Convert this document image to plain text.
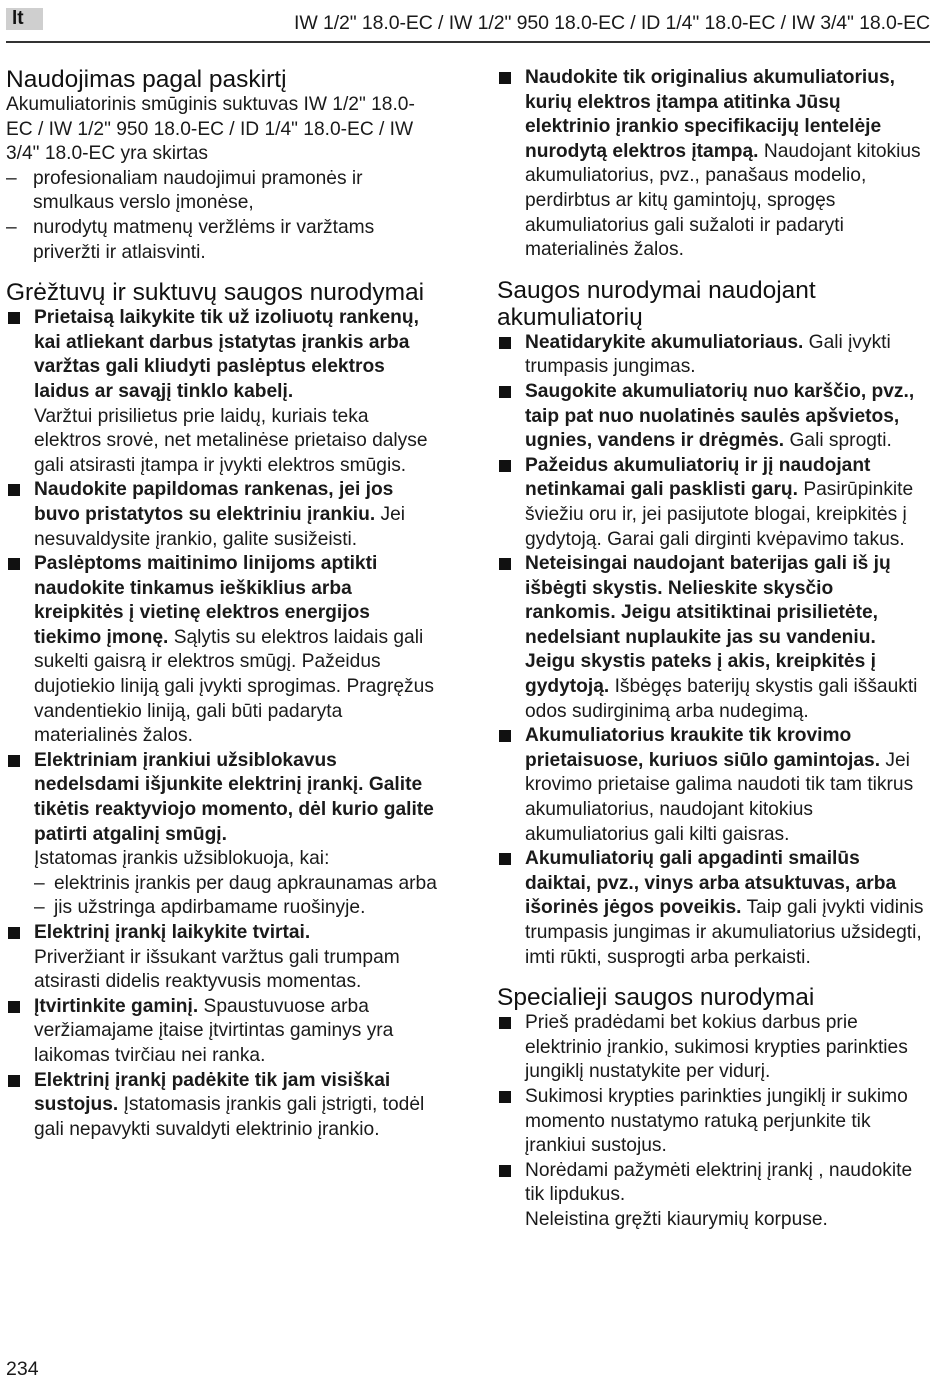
lt	IW 1/2" 18.0-EC / IW 1/2" 950 18.0-EC / ID 1/4" 18.0-EC / IW 3/4" 18.0-EC
Naudojimas pagal paskirtį

Akumuliatorinis smūginis suktuvas IW 1/2" 18.0-EC / IW 1/2" 950 18.0-EC / ID 1/4" 18.0-EC / IW 3/4" 18.0-EC yra skirtas

– profesionaliam naudojimui pramonės ir smulkaus verslo įmonėse,
– nurodytų matmenų veržlėms ir varžtams priveržti ir atlaisvinti.
Grėžtuvų ir suktuvų saugos nurodymai
Prietaisą laikykite tik už izoliuotų rankenų, kai atliekant darbus įstatytas įrankis arba varžtas gali kliudyti paslėptus elektros laidus ar savąjį tinklo kabelį.
Varžtui prisilietus prie laidų, kuriais teka elektros srovė, net metalinėse prietaiso dalyse gali atsirasti įtampa ir įvykti elektros smūgis.
Naudokite papildomas rankenas, jei jos buvo pristatytos su elektriniu įrankiu. Jei nesuvaldysite įrankio, galite susižeisti.
Paslėptoms maitinimo linijoms aptikti naudokite tinkamus ieškiklius arba kreipkitės į vietinę elektros energijos tiekimo įmonę. Sąlytis su elektros laidais gali sukelti gaisrą ir elektros smūgį. Pažeidus dujotiekio liniją gali įvykti sprogimas. Pragręžus vandentiekio liniją, gali būti padaryta materialinės žalos.
Elektriniam įrankiui užsiblokavus nedelsdami išjunkite elektrinį įrankį. Galite tikėtis reaktyviojo momento, dėl kurio galite patirti atgalinį smūgį.
Įstatomas įrankis užsiblokuoja, kai:
– elektrinis įrankis per daug apkraunamas arba
– jis užstringa apdirbamame ruošinyje.
Elektrinį įrankį laikykite tvirtai.
Priveržiant ir išsukant varžtus gali trumpam atsirasti didelis reaktyvusis momentas.
Įtvirtinkite gaminį. Spaustuvuose arba veržiamajame įtaise įtvirtintas gaminys yra laikomas tvirčiau nei ranka.
Elektrinį įrankį padėkite tik jam visiškai sustojus. Įstatomasis įrankis gali įstrigti, todėl gali nepavykti suvaldyti elektrinio įrankio.
Naudokite tik originalius akumuliatorius, kurių elektros įtampa atitinka Jūsų elektrinio įrankio specifikacijų lentelėje nurodytą elektros įtampą. Naudojant kitokius akumuliatorius, pvz., panašaus modelio, perdirbtus ar kitų gamintojų, sprogęs akumuliatorius gali sužaloti ir padaryti materialinės žalos.
Saugos nurodymai naudojant akumuliatorių
Neatidarykite akumuliatoriaus. Gali įvykti trumpasis jungimas.
Saugokite akumuliatorių nuo karščio, pvz., taip pat nuo nuolatinės saulės apšvietos, ugnies, vandens ir drėgmės. Gali sprogti.
Pažeidus akumuliatorių ir jį naudojant netinkamai gali pasklisti garų. Pasirūpinkite šviežiu oru ir, jei pasijutote blogai, kreipkitės į gydytoją. Garai gali dirginti kvėpavimo takus.
Neteisingai naudojant baterijas gali iš jų išbėgti skystis. Nelieskite skysčio rankomis. Jeigu atsitiktinai prisilietėte, nedelsiant nuplaukite jas su vandeniu. Jeigu skystis pateks į akis, kreipkitės į gydytoją. Išbėgęs baterijų skystis gali iššaukti odos sudirginimą arba nudegimą.
Akumuliatorius kraukite tik krovimo prietaisuose, kuriuos siūlo gamintojas. Jei krovimo prietaise galima naudoti tik tam tikrus akumuliatorius, naudojant kitokius akumuliatorius gali kilti gaisras.
Akumuliatorių gali apgadinti smailūs daiktai, pvz., vinys arba atsuktuvas, arba išorinės jėgos poveikis. Taip gali įvykti vidinis trumpasis jungimas ir akumuliatorius užsidegti, imti rūkti, susprogti arba perkaisti.
Specialieji saugos nurodymai
Prieš pradėdami bet kokius darbus prie elektrinio įrankio, sukimosi krypties parinkties jungiklį nustatykite per vidurį.
Sukimosi krypties parinkties jungiklį ir sukimo momento nustatymo ratuką perjunkite tik įrankiui sustojus.
Norėdami pažymėti elektrinį įrankį , naudokite tik lipdukus.
Neleistina gręžti kiaurymių korpuse.
234
